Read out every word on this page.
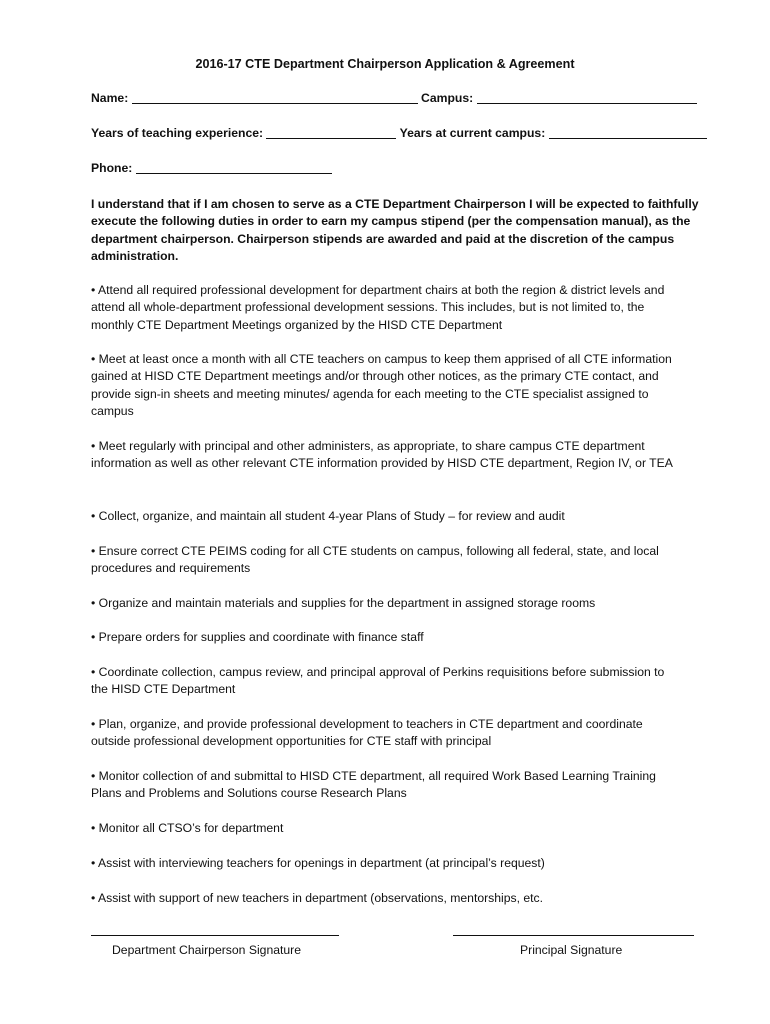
2016-17 CTE Department Chairperson Application & Agreement
Name:	Campus:
Years of teaching experience:	Years at current campus:
Phone:
I understand that if I am chosen to serve as a CTE Department Chairperson I will be expected to faithfully execute the following duties in order to earn my campus stipend (per the compensation manual), as the department chairperson. Chairperson stipends are awarded and paid at the discretion of the campus administration.
• Attend all required professional development for department chairs at both the region & district levels and attend all whole-department professional development sessions. This includes, but is not limited to, the monthly CTE Department Meetings organized by the HISD CTE Department
• Meet at least once a month with all CTE teachers on campus to keep them apprised of all CTE information gained at HISD CTE Department meetings and/or through other notices, as the primary CTE contact, and provide sign-in sheets and meeting minutes/ agenda for each meeting to the CTE specialist assigned to campus
• Meet regularly with principal and other administers, as appropriate, to share campus CTE department information as well as other relevant CTE information provided by HISD CTE department, Region IV, or TEA
• Collect, organize, and maintain all student 4-year Plans of Study – for review and audit
• Ensure correct CTE PEIMS coding for all CTE students on campus, following all federal, state, and local procedures and requirements
• Organize and maintain materials and supplies for the department in assigned storage rooms
• Prepare orders for supplies and coordinate with finance staff
• Coordinate collection, campus review, and principal approval of Perkins requisitions before submission to the HISD CTE Department
• Plan, organize, and provide professional development to teachers in CTE department and coordinate outside professional development opportunities for CTE staff with principal
• Monitor collection of and submittal to HISD CTE department, all required Work Based Learning Training Plans and Problems and Solutions course Research Plans
• Monitor all CTSO’s for department
• Assist with interviewing teachers for openings in department (at principal’s request)
• Assist with support of new teachers in department (observations, mentorships, etc.
Department Chairperson Signature	Principal Signature
